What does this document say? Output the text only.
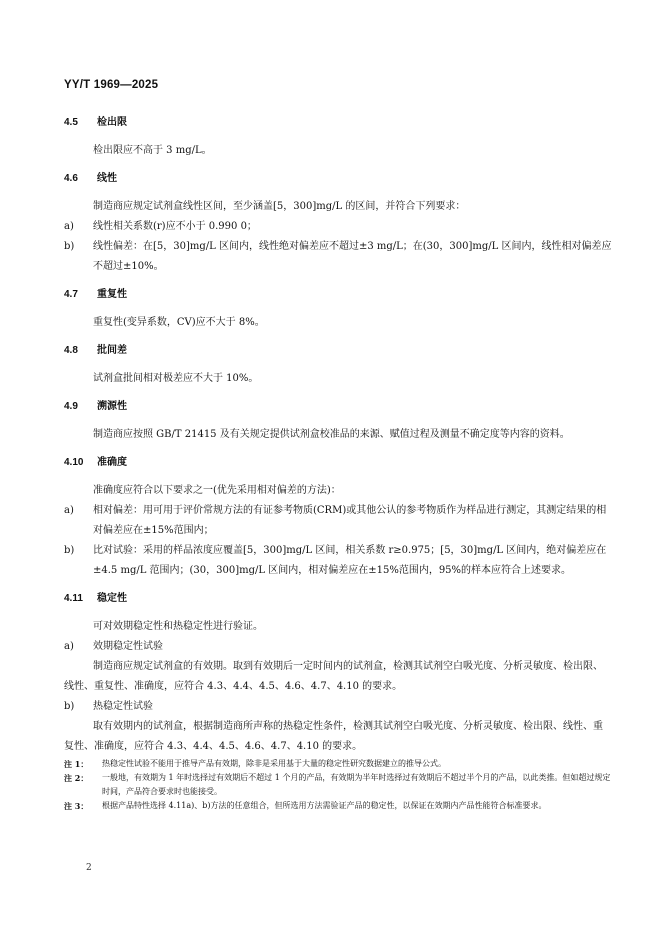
YY/T 1969—2025
4.5	检出限

检出限应不高于 3 mg/L。

4.6	线性

制造商应规定试剂盒线性区间，至少涵盖[5，300]mg/L 的区间，并符合下列要求：

a)	线性相关系数(r)应不小于 0.990 0；
b)	线性偏差：在[5，30]mg/L 区间内，线性绝对偏差应不超过±3 mg/L；在(30，300]mg/L 区间内，线性相对偏差应不超过±10%。
4.7	重复性

重复性(变异系数，CV)应不大于 8%。

4.8	批间差

试剂盒批间相对极差应不大于 10%。

4.9	溯源性

制造商应按照 GB/T 21415 及有关规定提供试剂盒校准品的来源、赋值过程及测量不确定度等内容的资料。

4.10	准确度

准确度应符合以下要求之一(优先采用相对偏差的方法)：

a)	相对偏差：用可用于评价常规方法的有证参考物质(CRM)或其他公认的参考物质作为样品进行测定，其测定结果的相对偏差应在±15%范围内；
b)	比对试验：采用的样品浓度应覆盖[5，300]mg/L 区间，相关系数 r≥0.975；[5，30]mg/L 区间内，绝对偏差应在±4.5 mg/L 范围内；(30，300]mg/L 区间内，相对偏差应在±15%范围内，95%的样本应符合上述要求。
4.11	稳定性

可对效期稳定性和热稳定性进行验证。

a)	效期稳定性试验

制造商应规定试剂盒的有效期。取到有效期后一定时间内的试剂盒，检测其试剂空白吸光度、分析灵敏度、检出限、线性、重复性、准确度，应符合 4.3、4.4、4.5、4.6、4.7、4.10 的要求。

b)	热稳定性试验

取有效期内的试剂盒，根据制造商所声称的热稳定性条件，检测其试剂空白吸光度、分析灵敏度、检出限、线性、重复性、准确度，应符合 4.3、4.4、4.5、4.6、4.7、4.10 的要求。

注 1：	热稳定性试验不能用于推导产品有效期，除非是采用基于大量的稳定性研究数据建立的推导公式。
注 2：	一般地，有效期为 1 年时选择过有效期后不超过 1 个月的产品，有效期为半年时选择过有效期后不超过半个月的产品，以此类推。但如超过规定时间，产品符合要求时也能接受。
注 3：	根据产品特性选择 4.11a)、b)方法的任意组合，但所选用方法需验证产品的稳定性，以保证在效期内产品性能符合标准要求。
2
